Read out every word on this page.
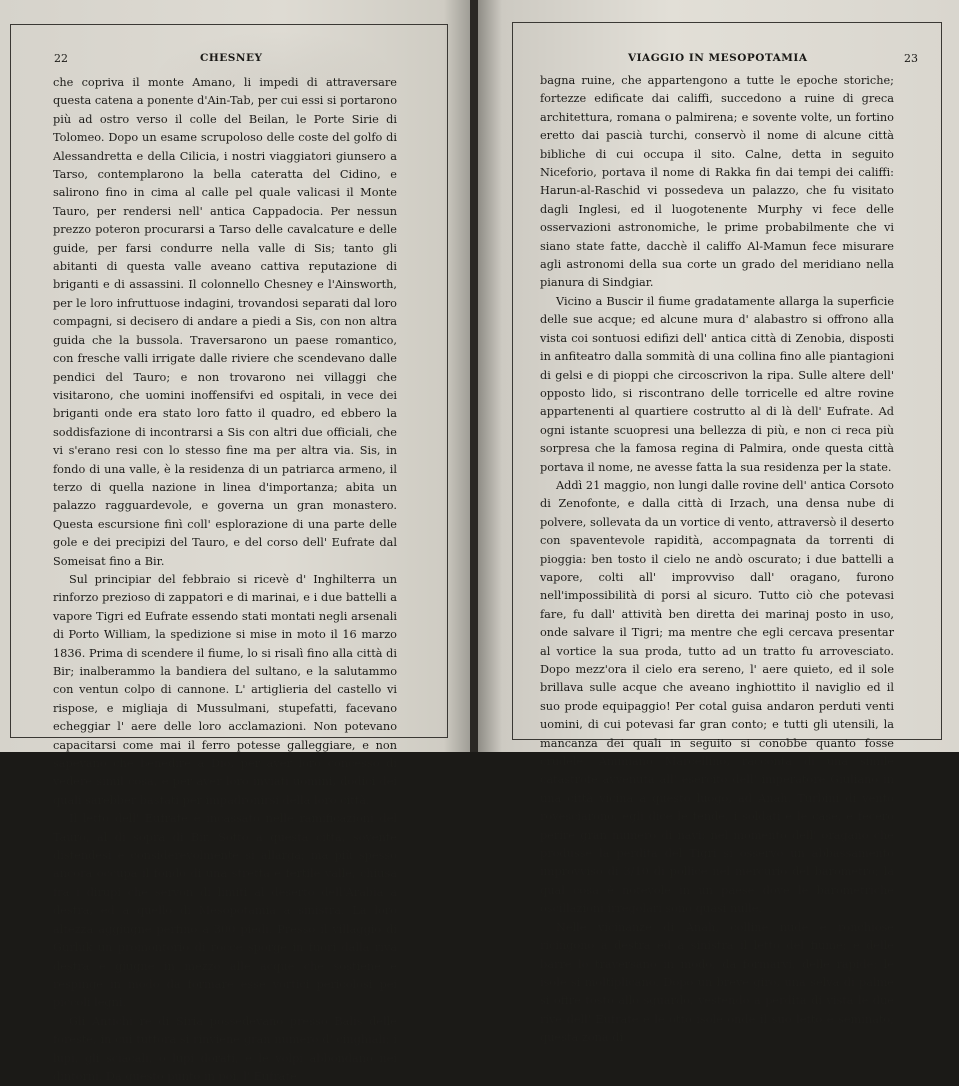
22	CHESNEY

che copriva il monte Amano, li impedi di attraversare questa catena a ponente d'Ain-Tab, per cui essi si portarono più ad ostro verso il colle del Beilan, le Porte Sirie di Tolomeo. Dopo un esame scrupoloso delle coste del golfo di Alessandretta e della Cilicia, i nostri viaggiatori giunsero a Tarso, contemplarono la bella cateratta del Cidino, e salirono fino in cima al calle pel quale valicasi il Monte Tauro, per rendersi nell' antica Cappadocia. Per nessun prezzo poteron procurarsi a Tarso delle cavalcature e delle guide, per farsi condurre nella valle di Sis; tanto gli abitanti di questa valle aveano cattiva reputazione di briganti e di assassini. Il colonnello Chesney e l'Ainsworth, per le loro infruttuose indagini, trovandosi separati dal loro compagni, si decisero di andare a piedi a Sis, con non altra guida che la bussola. Traversarono un paese romantico, con fresche valli irrigate dalle riviere che scendevano dalle pendici del Tauro; e non trovarono nei villaggi che visitarono, che uomini inoffensifvi ed ospitali, in vece dei briganti onde era stato loro fatto il quadro, ed ebbero la soddisfazione di incontrarsi a Sis con altri due officiali, che vi s'erano resi con lo stesso fine ma per altra via. Sis, in fondo di una valle, è la residenza di un patriarca armeno, il terzo di quella nazione in linea d'importanza; abita un palazzo ragguardevole, e governa un gran monastero. Questa escursione finì coll' esplorazione di una parte delle gole e dei precipizi del Tauro, e del corso dell' Eufrate dal Someisat fino a Bir.

Sul principiar del febbraio si ricevè d' Inghilterra un rinforzo prezioso di zappatori e di marinai, e i due battelli a vapore Tigri ed Eufrate essendo stati montati negli arsenali di Porto William, la spedizione si mise in moto il 16 marzo 1836. Prima di scendere il fiume, lo si risalì fino alla città di Bir; inalberammo la bandiera del sultano, e la salutammo con ventun colpo di cannone. L' artiglieria del castello vi rispose, e migliaja di Mussulmani, stupefatti, facevano echeggiar l' aere delle loro acclamazioni. Non potevano capacitarsi come mai il ferro potesse galleggiare, e non sapevano che benedire a Dio, per aver loro concesso di vedere simil cosa, e per aver loro inviati uomini, dodici dei quali sarebber bastati per impadronirsi della loro città.

Il letto dell' Eufrate è incassato nelle ramificazioni del Tauro, al di sopra di Bir. Sotto a questa città, sovente distendesi e considerevolmente si allarga; ma più spesso ancora occupa il fondo di una stretta e fertile valle, chiusa fra i dirupi che servon di limiti al deserto dell'Arabia a destra, ed a quello di Mesopotamia a sinistra. La loro altezza aggiugne perfino a 300 piedi. Presso il villaggio di Gurluk un promontorio di rocce sporge in fuori dalla riva destra e giugne in mezzo alle acque che sostiene e respinge in modo da formare esse vortici pericolosi pei piccoli legni.

Gli Antichi re di Siria possedevano presso Balis delle foreste, in cui tuttora si rinviene gran numero d' cinghiali; i lupi, gli sciacali, o lupi dorati, e le volpi abbondano nei dintorni. Da questo punto in poi, l' Eufrate

VIAGGIO IN MESOPOTAMIA	23

bagna ruine, che appartengono a tutte le epoche storiche; fortezze edificate dai califfi, succedono a ruine di greca architettura, romana o palmirena; e sovente volte, un fortino eretto dai pascià turchi, conservò il nome di alcune città bibliche di cui occupa il sito. Calne, detta in seguito Niceforio, portava il nome di Rakka fin dai tempi dei califfi: Harun-al-Raschid vi possedeva un palazzo, che fu visitato dagli Inglesi, ed il luogotenente Murphy vi fece delle osservazioni astronomiche, le prime probabilmente che vi siano state fatte, dacchè il califfo Al-Mamun fece misurare agli astronomi della sua corte un grado del meridiano nella pianura di Sindgiar.

Vicino a Buscir il fiume gradatamente allarga la superficie delle sue acque; ed alcune mura d' alabastro si offrono alla vista coi sontuosi edifizi dell' antica città di Zenobia, disposti in anfiteatro dalla sommità di una collina fino alle piantagioni di gelsi e di pioppi che circoscrivon la ripa. Sulle altere dell' opposto lido, si riscontrano delle torricelle ed altre rovine appartenenti al quartiere costrutto al di là dell' Eufrate. Ad ogni istante scuopresi una bellezza di più, e non ci reca più sorpresa che la famosa regina di Palmira, onde questa città portava il nome, ne avesse fatta la sua residenza per la state.

Addì 21 maggio, non lungi dalle rovine dell' antica Corsoto di Zenofonte, e dalla città di Irzach, una densa nube di polvere, sollevata da un vortice di vento, attraversò il deserto con spaventevole rapidità, accompagnata da torrenti di pioggia: ben tosto il cielo ne andò oscurato; i due battelli a vapore, colti all' improvviso dall' oragano, furono nell'impossibilità di porsi al sicuro. Tutto ciò che potevasi fare, fu dall' attività ben diretta dei marinaj posto in uso, onde salvare il Tigri; ma mentre che egli cercava presentar al vortice la sua proda, tutto ad un tratto fu arrovesciato. Dopo mezz'ora il cielo era sereno, l' aere quieto, ed il sole brillava sulle acque che aveano inghiottito il naviglio ed il suo prode equipaggio! Per cotal guisa andaron perduti venti uomini, di cui potevasi far gran conto; e tutti gli utensili, la mancanza dei quali in seguito si conobbe quanto fosse crudele. Ammiano Marcellino, racconta di una simile catastrofe avvenuta all' esercito dell' imperatore Giuliano in una città vicina a questo luogo, ad Anah. Turbini di vento rovesciarono, egli dice le tende, i soldati e le case, e fecero perire gran numero di navi: nel momento dell' oragano che produsse la perdita del Tigri si osservò un abbassamento improvviso di 3/10 di pollice nel mercurio del barometro; la qual cosa è notevole in un paese dove le barometriche oscillazioni irregolari sono quasi nulle.

Nelle vicinanze di Anah, colline nude e ronchiose ricingono a destra ed a sinistra il letto del fiume; e delle barre lo traversano in modo, da formarvi, delle rapide; le isole si moltiplicano. Dopo un breve giro, una selva di palme si offre tosto allo sguardo, vestendo a perdita di vista le due rive dell' Eufrate e le otto isole onde il suo letto è seminato; questa zona di
